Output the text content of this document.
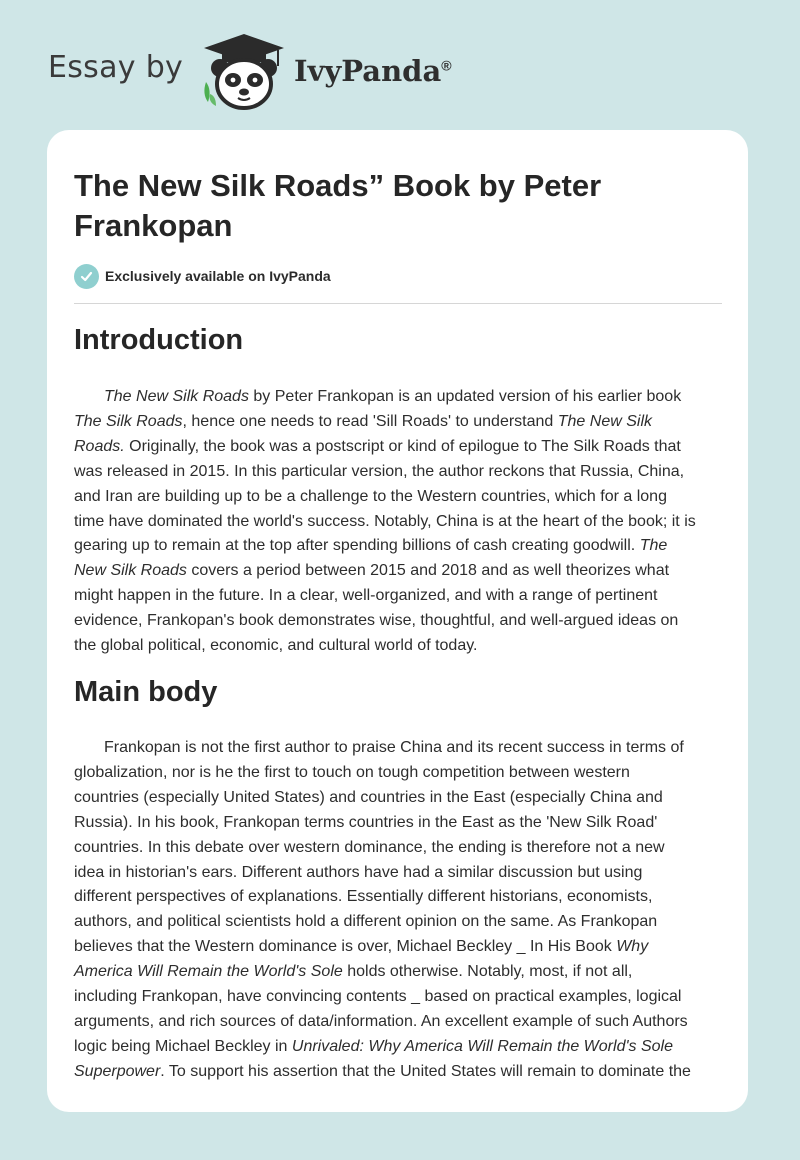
Essay by	IvyPanda®
The New Silk Roads” Book by Peter Frankopan
Exclusively available on IvyPanda
Introduction

The New Silk Roads by Peter Frankopan is an updated version of his earlier book
The Silk Roads, hence one needs to read 'Sill Roads' to understand The New Silk
Roads. Originally, the book was a postscript or kind of epilogue to The Silk Roads that
was released in 2015. In this particular version, the author reckons that Russia, China,
and Iran are building up to be a challenge to the Western countries, which for a long
time have dominated the world's success. Notably, China is at the heart of the book; it is
gearing up to remain at the top after spending billions of cash creating goodwill. The
New Silk Roads covers a period between 2015 and 2018 and as well theorizes what
might happen in the future. In a clear, well-organized, and with a range of pertinent
evidence, Frankopan's book demonstrates wise, thoughtful, and well-argued ideas on
the global political, economic, and cultural world of today.

Main body

Frankopan is not the first author to praise China and its recent success in terms of
globalization, nor is he the first to touch on tough competition between western
countries (especially United States) and countries in the East (especially China and
Russia). In his book, Frankopan terms countries in the East as the 'New Silk Road'
countries. In this debate over western dominance, the ending is therefore not a new
idea in historian's ears. Different authors have had a similar discussion but using
different perspectives of explanations. Essentially different historians, economists,
authors, and political scientists hold a different opinion on the same. As Frankopan
believes that the Western dominance is over, Michael Beckley _ In His Book Why
America Will Remain the World's Sole holds otherwise. Notably, most, if not all,
including Frankopan, have convincing contents _ based on practical examples, logical
arguments, and rich sources of data/information. An excellent example of such Authors
logic being Michael Beckley in Unrivaled: Why America Will Remain the World's Sole
Superpower. To support his assertion that the United States will remain to dominate the
